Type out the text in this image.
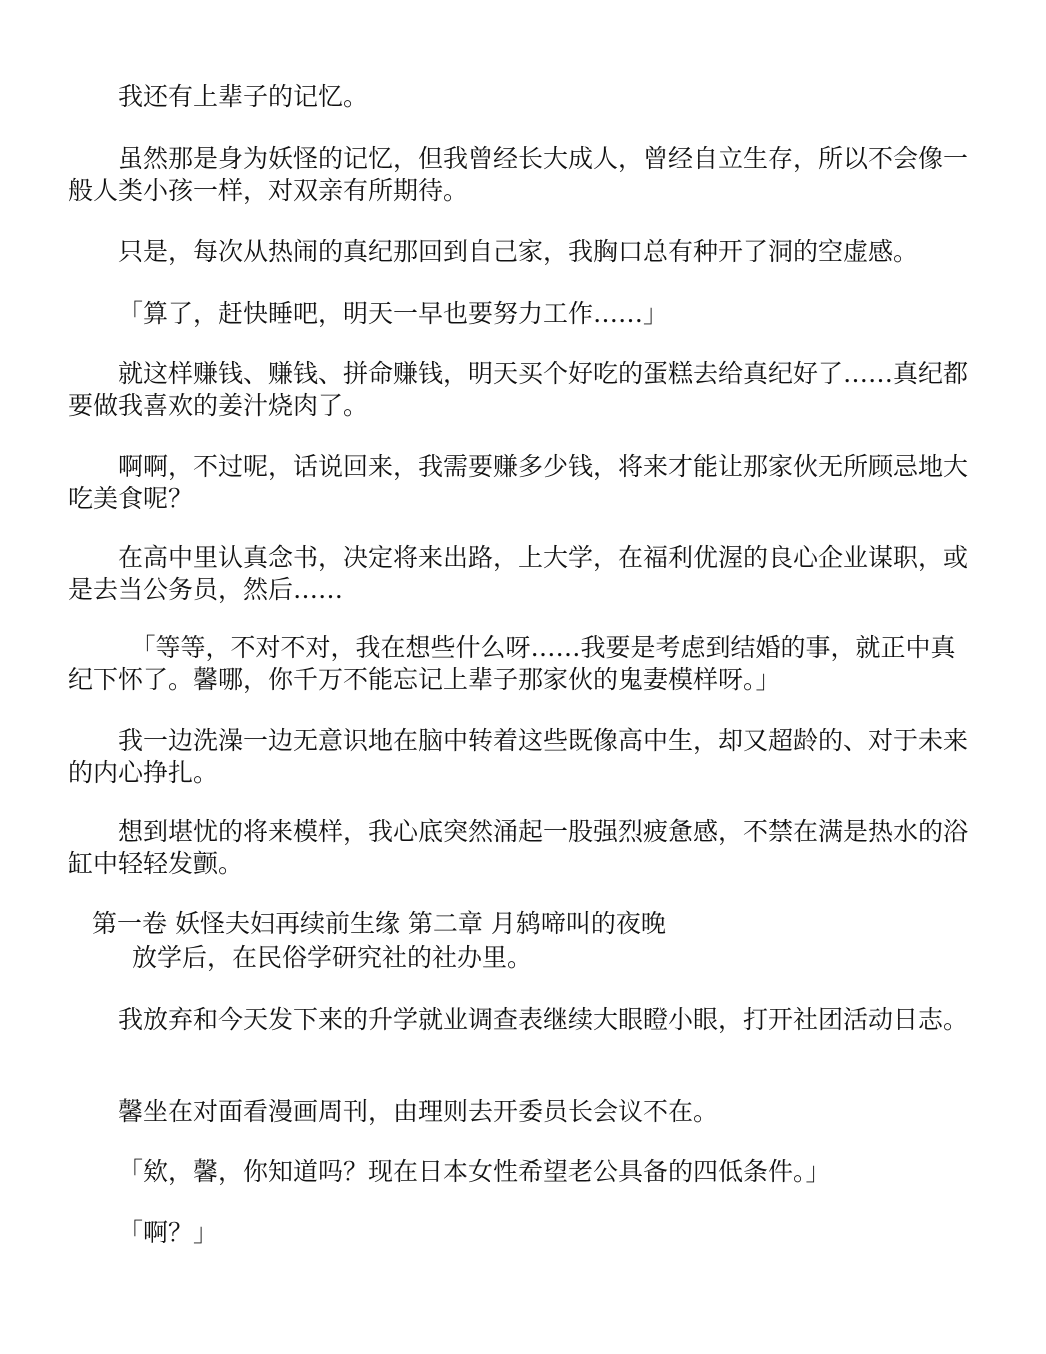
我还有上辈子的记忆。

虽然那是身为妖怪的记忆，但我曾经长大成人，曾经自立生存，所以不会像一般人类小孩一样，对双亲有所期待。

只是，每次从热闹的真纪那回到自己家，我胸口总有种开了洞的空虚感。

「算了，赶快睡吧，明天一早也要努力工作……」

就这样赚钱、赚钱、拼命赚钱，明天买个好吃的蛋糕去给真纪好了……真纪都要做我喜欢的姜汁烧肉了。

啊啊，不过呢，话说回来，我需要赚多少钱，将来才能让那家伙无所顾忌地大吃美食呢？

在高中里认真念书，决定将来出路，上大学，在福利优渥的良心企业谋职，或是去当公务员，然后……

「等等，不对不对，我在想些什么呀……我要是考虑到结婚的事，就正中真纪下怀了。馨哪，你千万不能忘记上辈子那家伙的鬼妻模样呀。」

我一边洗澡一边无意识地在脑中转着这些既像高中生，却又超龄的、对于未来的内心挣扎。

想到堪忧的将来模样，我心底突然涌起一股强烈疲惫感，不禁在满是热水的浴缸中轻轻发颤。

第一卷 妖怪夫妇再续前生缘 第二章 月鸫啼叫的夜晚

放学后，在民俗学研究社的社办里。

我放弃和今天发下来的升学就业调查表继续大眼瞪小眼，打开社团活动日志。

馨坐在对面看漫画周刊，由理则去开委员长会议不在。

「欸，馨，你知道吗？现在日本女性希望老公具备的四低条件。」

「啊？」
